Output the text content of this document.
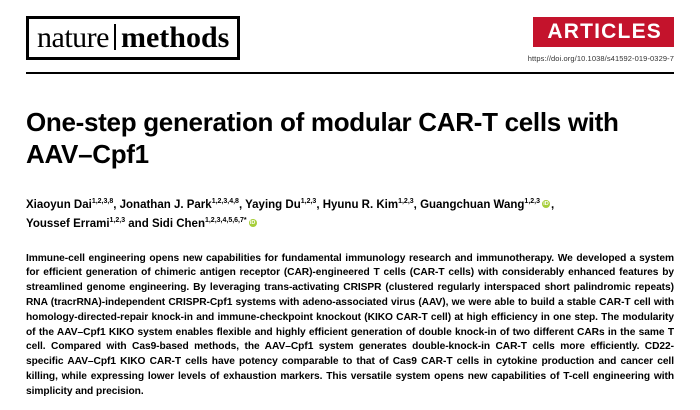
nature methods	ARTICLES
https://doi.org/10.1038/s41592-019-0329-7
One-step generation of modular CAR-T cells with AAV–Cpf1
Xiaoyun Dai$^{1,2,3,8}$, Jonathan J. Park$^{1,2,3,4,8}$, Yaying Du$^{1,2,3}$, Hyunu R. Kim$^{1,2,3}$, Guangchuan Wang$^{1,2,3}$ iD ,
Youssef Errami$^{1,2,3}$ and Sidi Chen$^{1,2,3,4,5,6,7*}$iD

Immune-cell engineering opens new capabilities for fundamental immunology research and immunotherapy. We developed a system for efficient generation of chimeric antigen receptor (CAR)-engineered T cells (CAR-T cells) with considerably enhanced features by streamlined genome engineering. By leveraging trans-activating CRISPR (clustered regularly interspaced short palindromic repeats) RNA (tracrRNA)-independent CRISPR-Cpf1 systems with adeno-associated virus (AAV), we were able to build a stable CAR-T cell with homology-directed-repair knock-in and immune-checkpoint knockout (KIKO CAR-T cell) at high efficiency in one step. The modularity of the AAV–Cpf1 KIKO system enables flexible and highly efficient generation of double knock-in of two different CARs in the same T cell. Compared with Cas9-based methods, the AAV–Cpf1 system generates double-knock-in CAR-T cells more efficiently. CD22-specific AAV–Cpf1 KIKO CAR-T cells have potency comparable to that of Cas9 CAR-T cells in cytokine production and cancer cell killing, while expressing lower levels of exhaustion markers. This versatile system opens new capabilities of T-cell engineering with simplicity and precision.
